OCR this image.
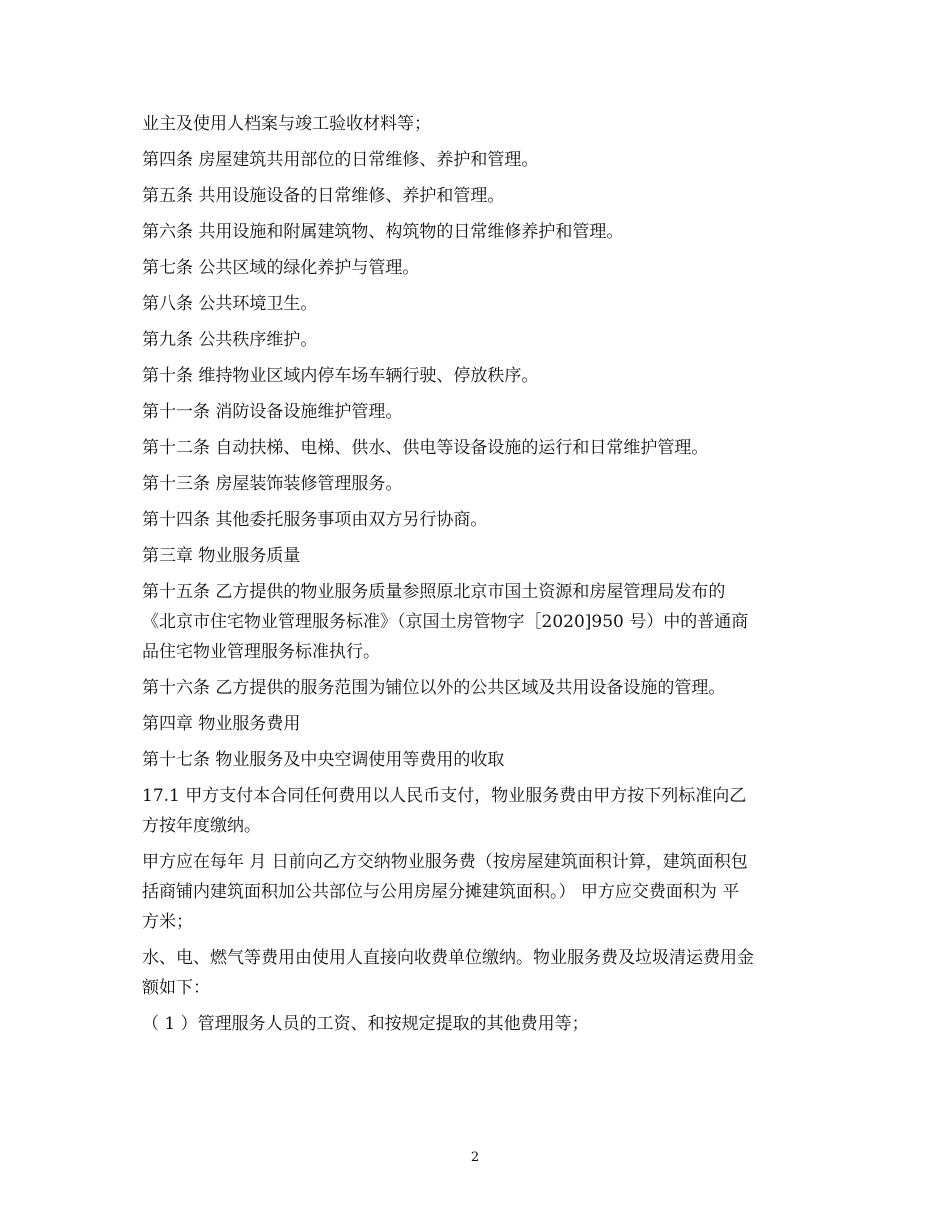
业主及使用人档案与竣工验收材料等；
第四条 房屋建筑共用部位的日常维修、养护和管理。
第五条 共用设施设备的日常维修、养护和管理。
第六条 共用设施和附属建筑物、构筑物的日常维修养护和管理。
第七条 公共区域的绿化养护与管理。
第八条 公共环境卫生。
第九条 公共秩序维护。
第十条 维持物业区域内停车场车辆行驶、停放秩序。
第十一条 消防设备设施维护管理。
第十二条 自动扶梯、电梯、供水、供电等设备设施的运行和日常维护管理。
第十三条 房屋装饰装修管理服务。
第十四条 其他委托服务事项由双方另行协商。
第三章 物业服务质量
第十五条 乙方提供的物业服务质量参照原北京市国土资源和房屋管理局发布的
《北京市住宅物业管理服务标准》（京国土房管物字［2020]950 号）中的普通商
品住宅物业管理服务标准执行。
第十六条 乙方提供的服务范围为铺位以外的公共区域及共用设备设施的管理。
第四章 物业服务费用
第十七条 物业服务及中央空调使用等费用的收取
17.1 甲方支付本合同任何费用以人民币支付，物业服务费由甲方按下列标准向乙
方按年度缴纳。
甲方应在每年 月 日前向乙方交纳物业服务费（按房屋建筑面积计算，建筑面积包
括商铺内建筑面积加公共部位与公用房屋分摊建筑面积。） 甲方应交费面积为 平
方米；
水、电、燃气等费用由使用人直接向收费单位缴纳。物业服务费及垃圾清运费用金
额如下：
（ 1 ）管理服务人员的工资、和按规定提取的其他费用等；
2
